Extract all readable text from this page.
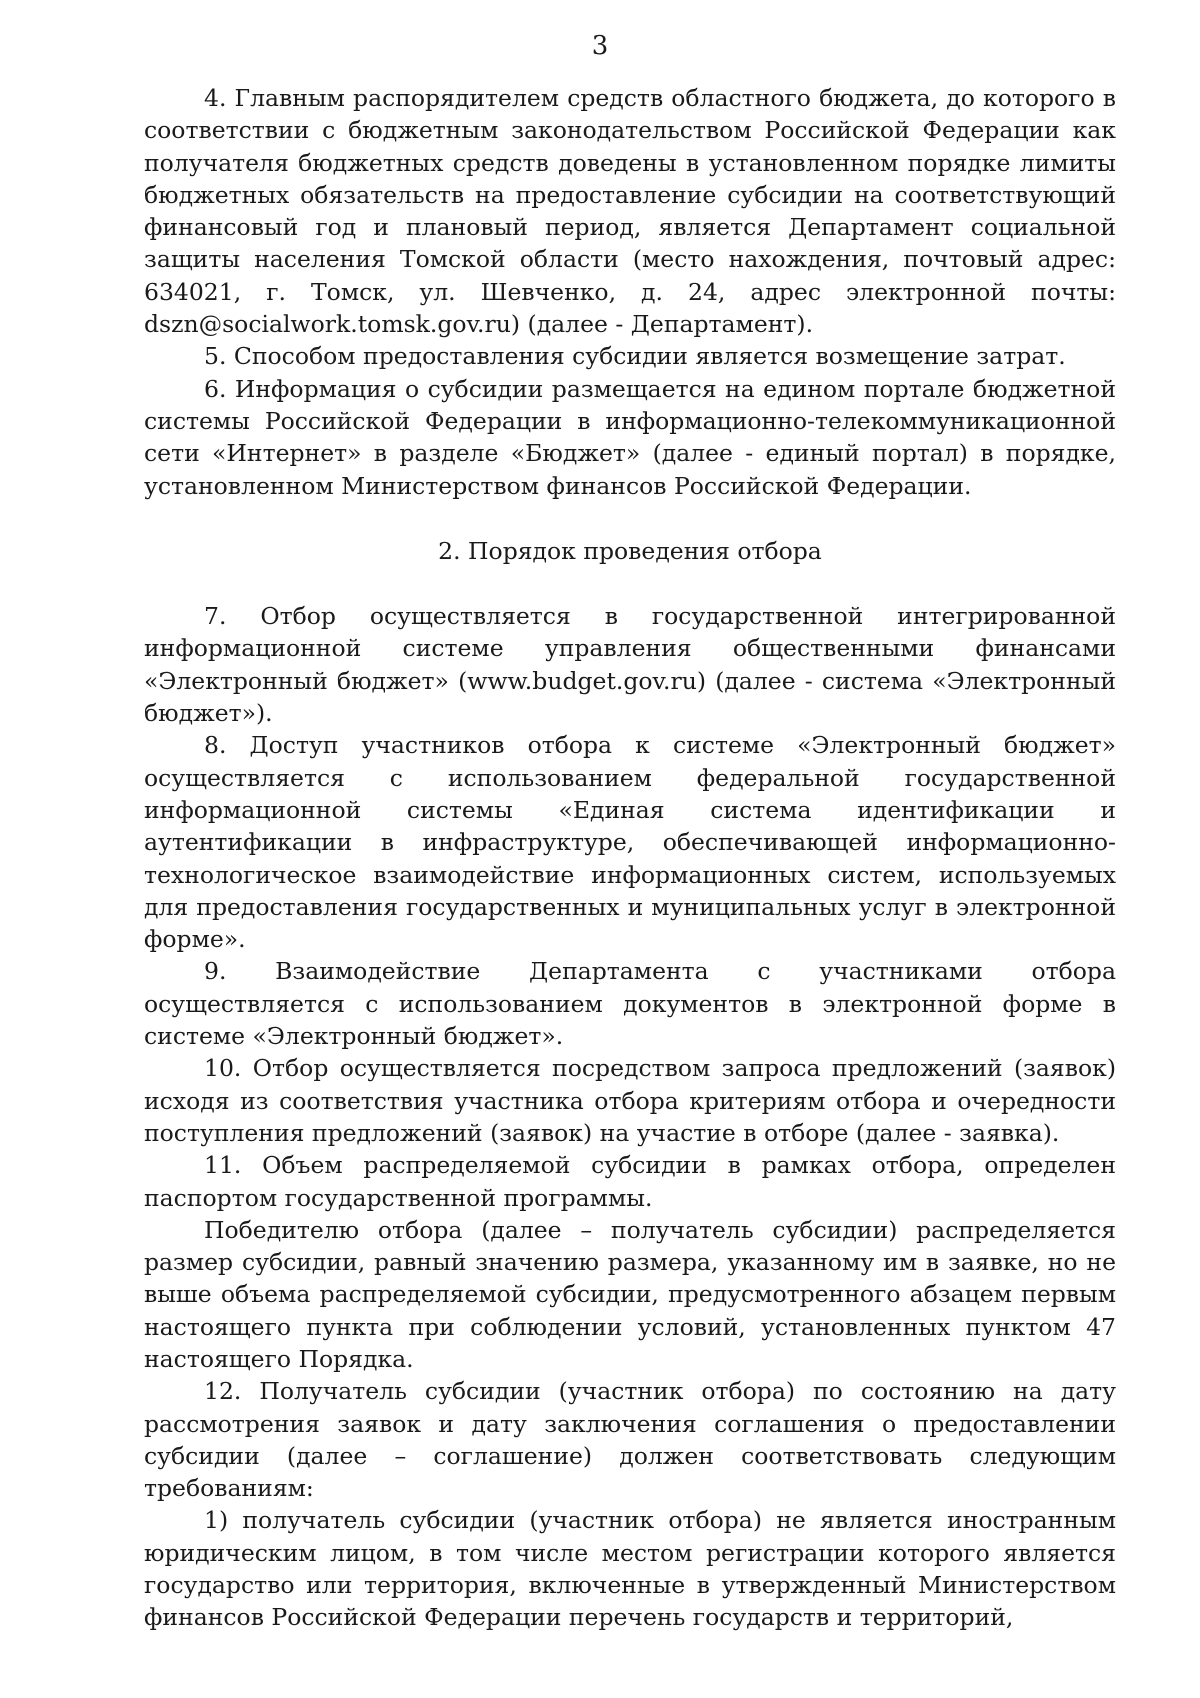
3

4. Главным распорядителем средств областного бюджета, до которого в соответствии с бюджетным законодательством Российской Федерации как получателя бюджетных средств доведены в установленном порядке лимиты бюджетных обязательств на предоставление субсидии на соответствующий финансовый год и плановый период, является Департамент социальной защиты населения Томской области (место нахождения, почтовый адрес: 634021, г. Томск, ул. Шевченко, д. 24, адрес электронной почты: dszn@socialwork.tomsk.gov.ru) (далее - Департамент).

5. Способом предоставления субсидии является возмещение затрат.

6. Информация о субсидии размещается на едином портале бюджетной системы Российской Федерации в информационно-телекоммуникационной сети «Интернет» в разделе «Бюджет» (далее - единый портал) в порядке, установленном Министерством финансов Российской Федерации.

2. Порядок проведения отбора

7. Отбор осуществляется в государственной интегрированной информационной системе управления общественными финансами «Электронный бюджет» (www.budget.gov.ru) (далее - система «Электронный бюджет»).

8. Доступ участников отбора к системе «Электронный бюджет» осуществляется с использованием федеральной государственной информационной системы «Единая система идентификации и аутентификации в инфраструктуре, обеспечивающей информационно-технологическое взаимодействие информационных систем, используемых для предоставления государственных и муниципальных услуг в электронной форме».

9. Взаимодействие Департамента с участниками отбора осуществляется с использованием документов в электронной форме в системе «Электронный бюджет».

10. Отбор осуществляется посредством запроса предложений (заявок) исходя из соответствия участника отбора критериям отбора и очередности поступления предложений (заявок) на участие в отборе (далее - заявка).

11. Объем распределяемой субсидии в рамках отбора, определен паспортом государственной программы.

Победителю отбора (далее – получатель субсидии) распределяется размер субсидии, равный значению размера, указанному им в заявке, но не выше объема распределяемой субсидии, предусмотренного абзацем первым настоящего пункта при соблюдении условий, установленных пунктом 47 настоящего Порядка.

12. Получатель субсидии (участник отбора) по состоянию на дату рассмотрения заявок и дату заключения соглашения о предоставлении субсидии (далее – соглашение) должен соответствовать следующим требованиям:

1) получатель субсидии (участник отбора) не является иностранным юридическим лицом, в том числе местом регистрации которого является государство или территория, включенные в утвержденный Министерством финансов Российской Федерации перечень государств и территорий,
